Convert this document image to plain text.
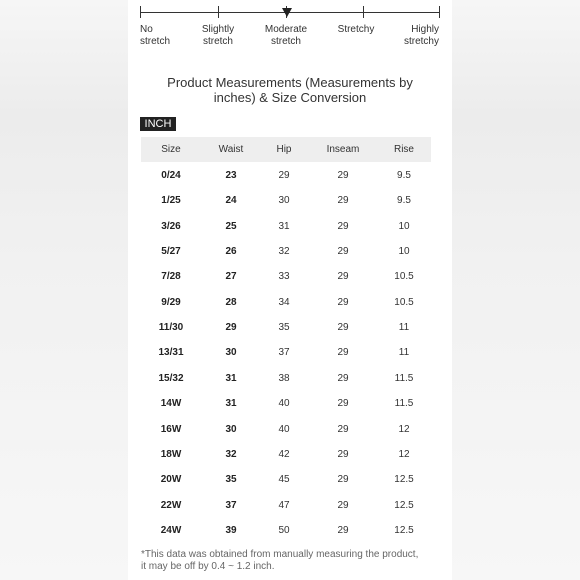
No
stretch
Slightly
stretch
Moderate
stretch
Stretchy	Highly
stretchy
Product Measurements (Measurements by
inches) & Size Conversion
INCH
Size	Waist	Hip	Inseam	Rise
0/24	23	29	29	9.5
1/25	24	30	29	9.5
3/26	25	31	29	10
5/27	26	32	29	10
7/28	27	33	29	10.5
9/29	28	34	29	10.5
11/30	29	35	29	11
13/31	30	37	29	11
15/32	31	38	29	11.5
14W	31	40	29	11.5
16W	30	40	29	12
18W	32	42	29	12
20W	35	45	29	12.5
22W	37	47	29	12.5
24W	39	50	29	12.5
*This data was obtained from manually measuring the product,
it may be off by 0.4 ~ 1.2 inch.
